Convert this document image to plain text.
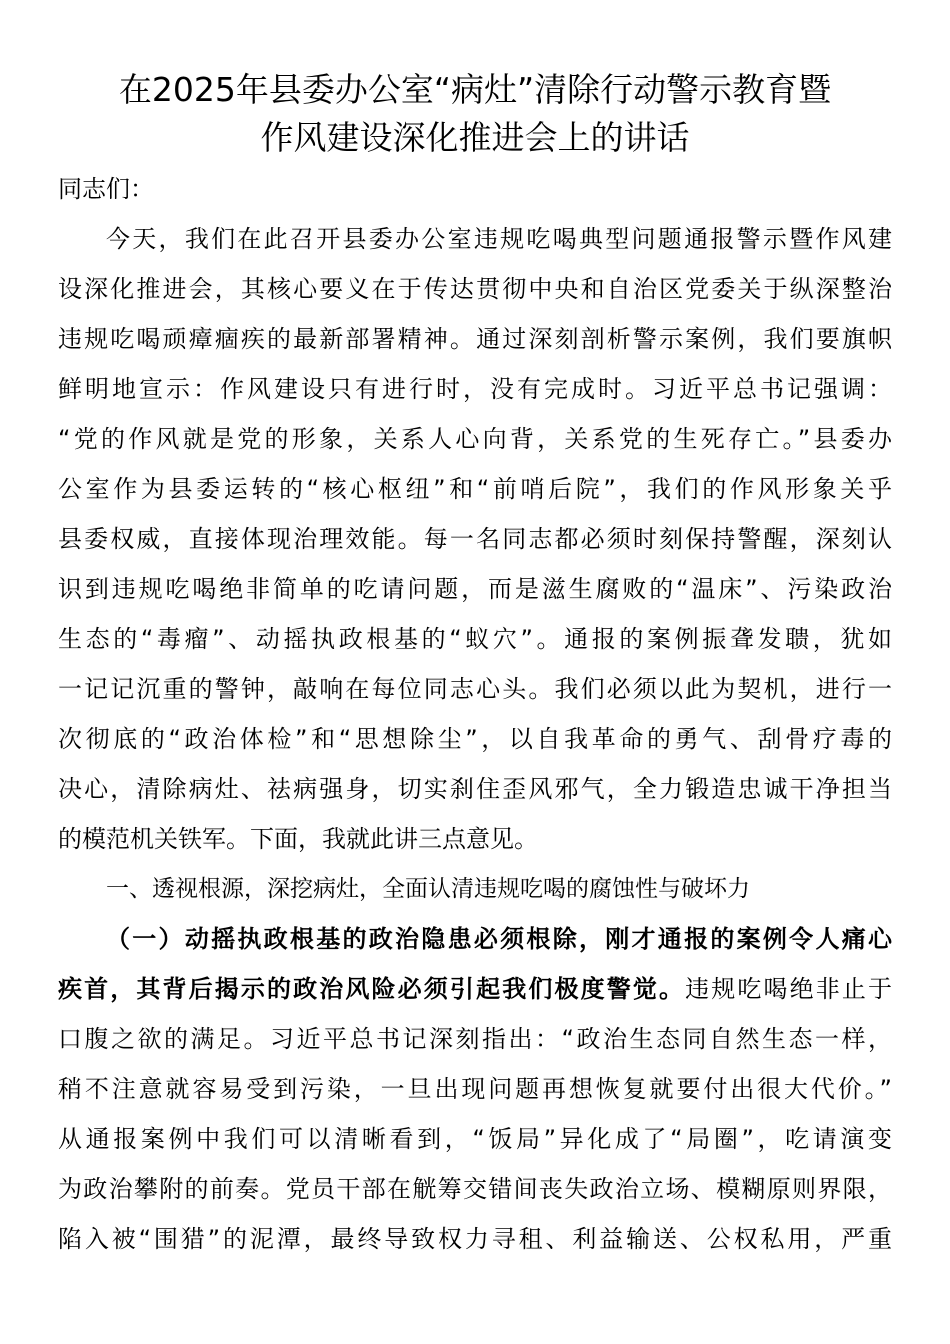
在2025年县委办公室“病灶”清除行动警示教育暨
作风建设深化推进会上的讲话
同志们：
今天，我们在此召开县委办公室违规吃喝典型问题通报警示暨作风建
设深化推进会，其核心要义在于传达贯彻中央和自治区党委关于纵深整治
违规吃喝顽瘴痼疾的最新部署精神。通过深刻剖析警示案例，我们要旗帜
鲜明地宣示：作风建设只有进行时，没有完成时。习近平总书记强调：
“党的作风就是党的形象，关系人心向背，关系党的生死存亡。”县委办
公室作为县委运转的“核心枢纽”和“前哨后院”，我们的作风形象关乎
县委权威，直接体现治理效能。每一名同志都必须时刻保持警醒，深刻认
识到违规吃喝绝非简单的吃请问题，而是滋生腐败的“温床”、污染政治
生态的“毒瘤”、动摇执政根基的“蚁穴”。通报的案例振聋发聩，犹如
一记记沉重的警钟，敲响在每位同志心头。我们必须以此为契机，进行一
次彻底的“政治体检”和“思想除尘”，以自我革命的勇气、刮骨疗毒的
决心，清除病灶、祛病强身，切实刹住歪风邪气，全力锻造忠诚干净担当
的模范机关铁军。下面，我就此讲三点意见。
一、透视根源，深挖病灶，全面认清违规吃喝的腐蚀性与破坏力
（一）动摇执政根基的政治隐患必须根除，刚才通报的案例令人痛心
疾首，其背后揭示的政治风险必须引起我们极度警觉。违规吃喝绝非止于
口腹之欲的满足。习近平总书记深刻指出：“政治生态同自然生态一样，
稍不注意就容易受到污染，一旦出现问题再想恢复就要付出很大代价。”
从通报案例中我们可以清晰看到，“饭局”异化成了“局圈”，吃请演变
为政治攀附的前奏。党员干部在觥筹交错间丧失政治立场、模糊原则界限，
陷入被“围猎”的泥潭，最终导致权力寻租、利益输送、公权私用，严重
